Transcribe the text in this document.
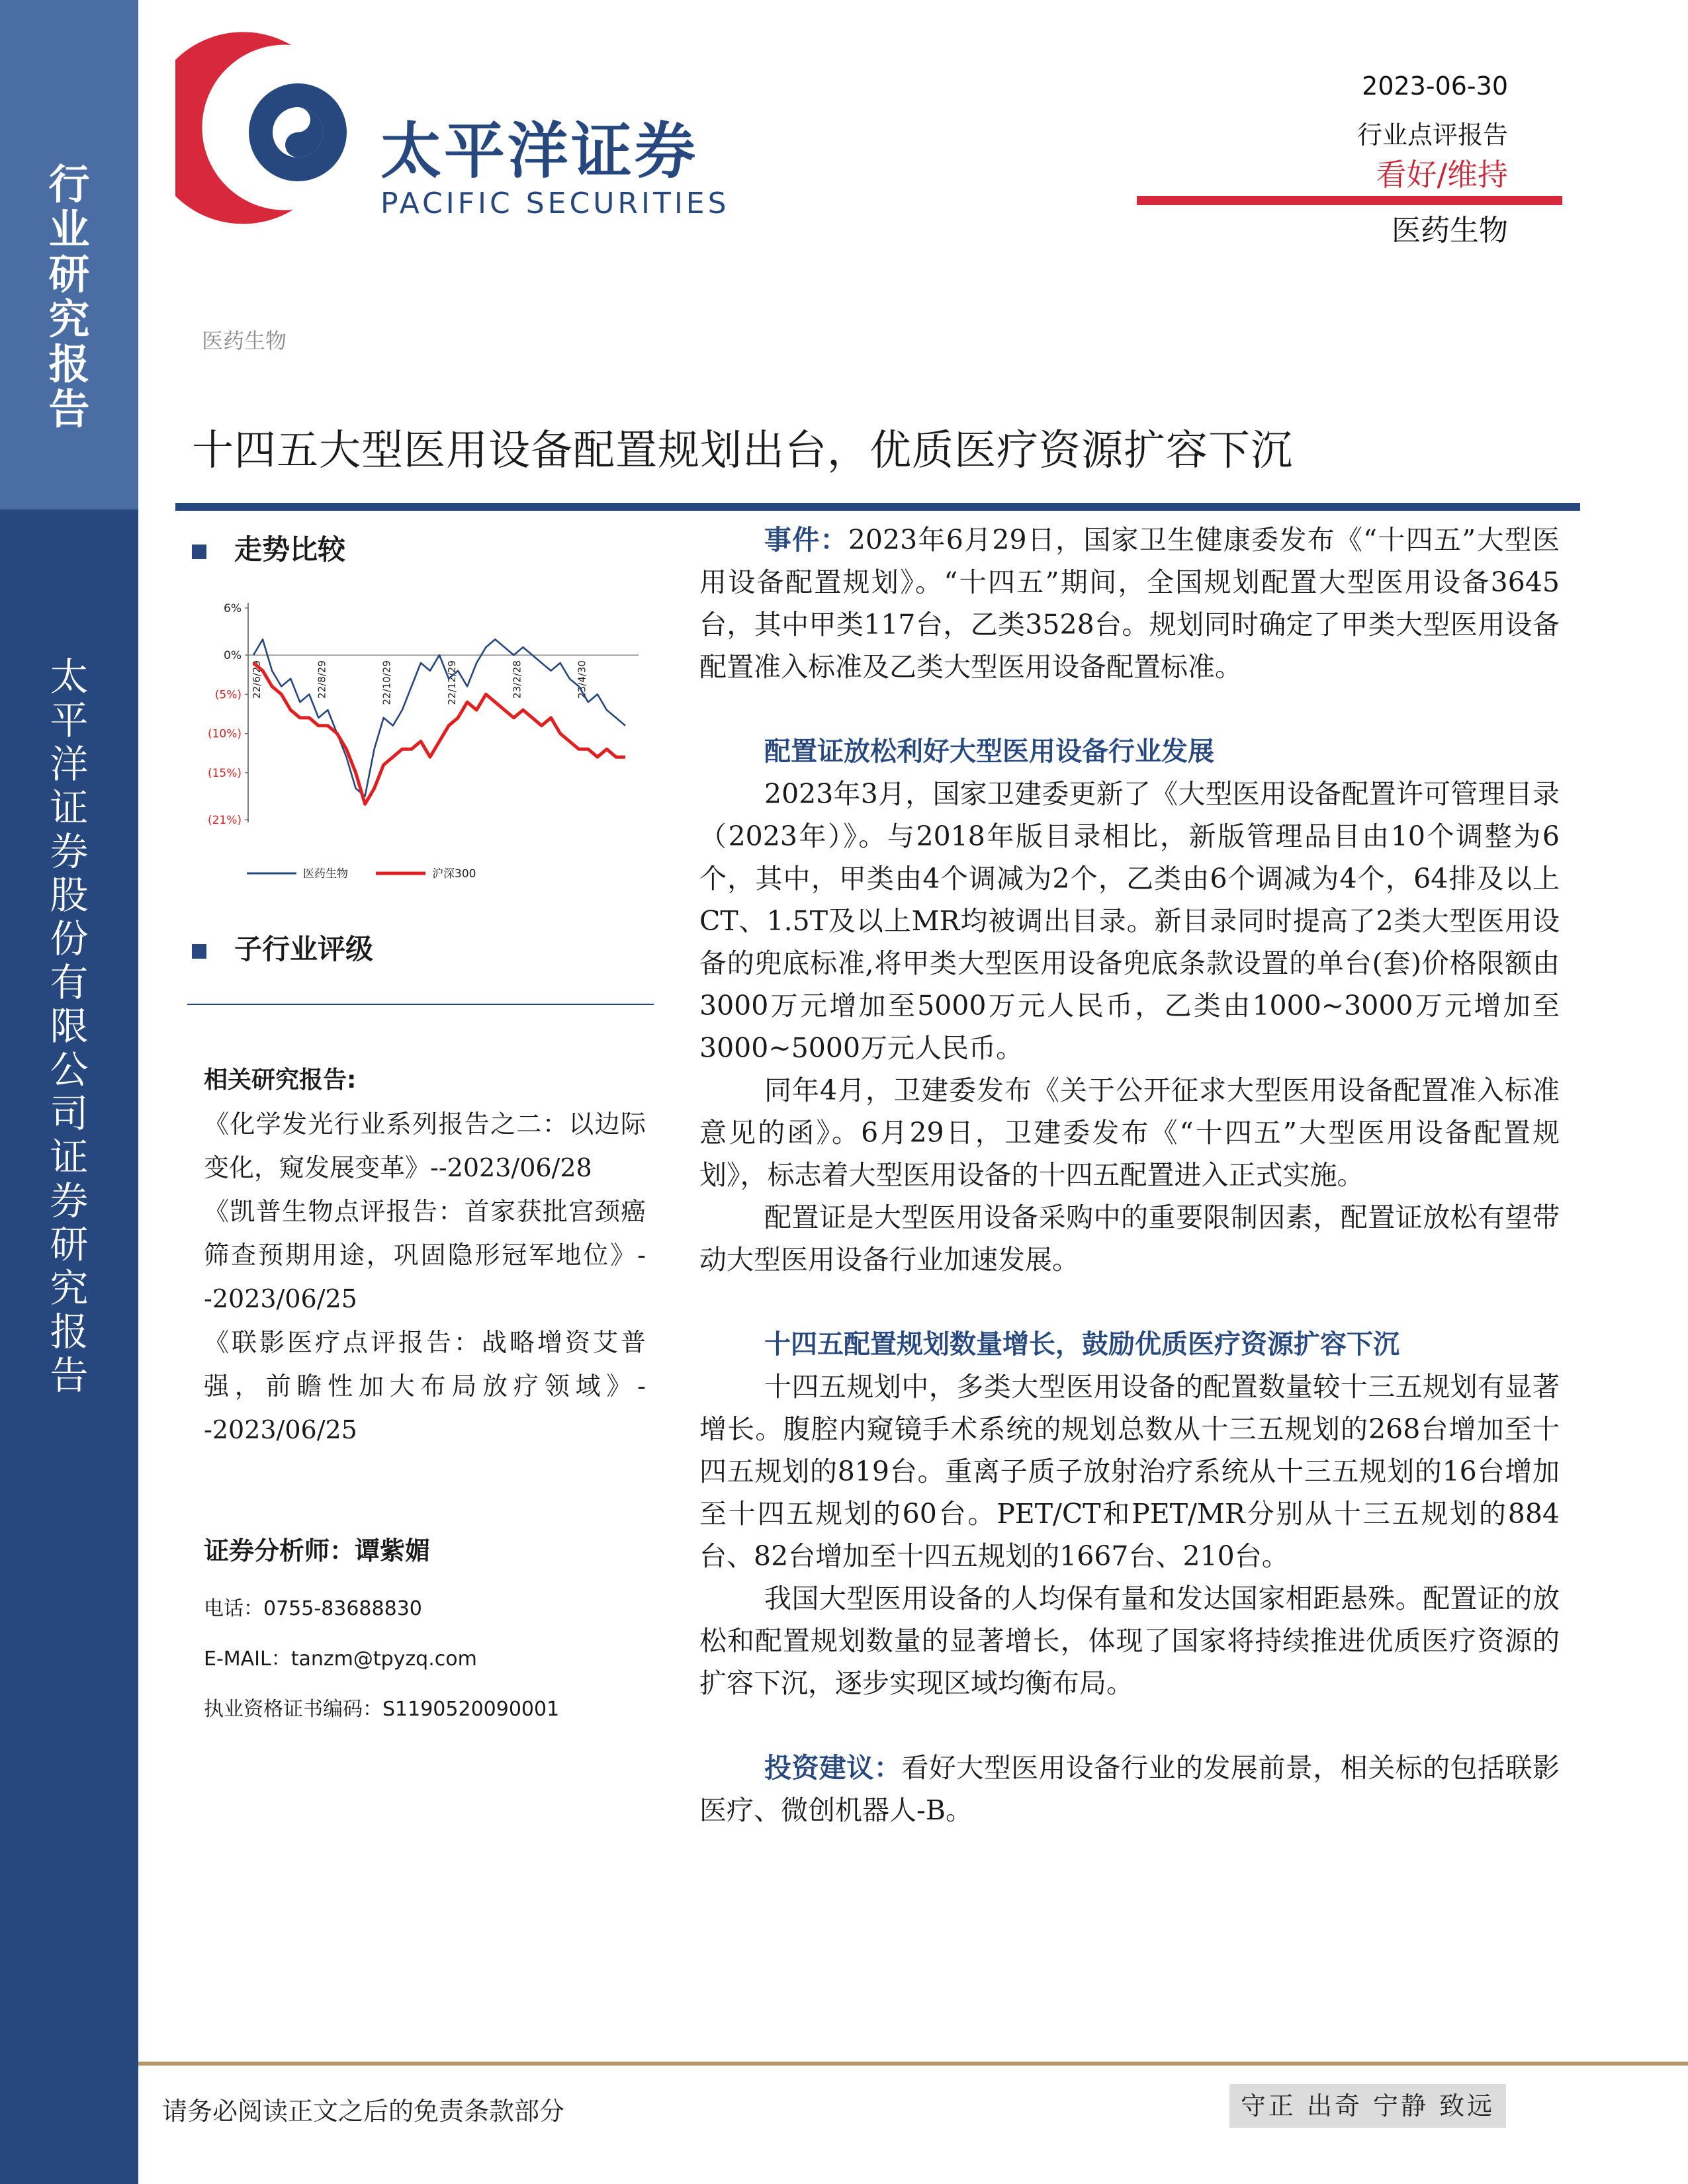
行
业
研
究
报
告
太
平
洋
证
券
股
份
有
限
公
司
证
券
研
究
报
告
太平洋证券
PACIFIC SECURITIES
2023-06-30
行业点评报告
看好/维持
医药生物
医药生物
十四五大型医用设备配置规划出台，优质医疗资源扩容下沉
走势比较
6%
0%
(5%)
(10%)
(15%)
(21%)
22/6/29	22/8/29	22/10/29	22/12/29	23/2/28	23/4/30
医药生物	沪深300
子行业评级
相关研究报告:
《化学发光行业系列报告之二：以边际变化，窥发展变革》--2023/06/28
《凯普生物点评报告：首家获批宫颈癌筛查预期用途，巩固隐形冠军地位》--2023/06/25
《联影医疗点评报告：战略增资艾普强，前瞻性加大布局放疗领域》--2023/06/25
证券分析师：谭紫媚
电话：0755-83688830
E-MAIL：tanzm@tpyzq.com
执业资格证书编码：S1190520090001

事件：2023年6月29日，国家卫生健康委发布《“十四五”大型医用设备配置规划》。“十四五”期间，全国规划配置大型医用设备3645台，其中甲类117台，乙类3528台。规划同时确定了甲类大型医用设备配置准入标准及乙类大型医用设备配置标准。

配置证放松利好大型医用设备行业发展

2023年3月，国家卫建委更新了《大型医用设备配置许可管理目录（2023年）》。与2018年版目录相比，新版管理品目由10个调整为6个，其中，甲类由4个调减为2个，乙类由6个调减为4个，64排及以上CT、1.5T及以上MR均被调出目录。新目录同时提高了2类大型医用设备的兜底标准,将甲类大型医用设备兜底条款设置的单台(套)价格限额由3000万元增加至5000万元人民币，乙类由1000~3000万元增加至3000~5000万元人民币。

同年4月，卫建委发布《关于公开征求大型医用设备配置准入标准意见的函》。6月29日，卫建委发布《“十四五”大型医用设备配置规划》，标志着大型医用设备的十四五配置进入正式实施。

配置证是大型医用设备采购中的重要限制因素，配置证放松有望带动大型医用设备行业加速发展。

十四五配置规划数量增长，鼓励优质医疗资源扩容下沉

十四五规划中，多类大型医用设备的配置数量较十三五规划有显著增长。腹腔内窥镜手术系统的规划总数从十三五规划的268台增加至十四五规划的819台。重离子质子放射治疗系统从十三五规划的16台增加至十四五规划的60台。PET/CT和PET/MR分别从十三五规划的884台、82台增加至十四五规划的1667台、210台。

我国大型医用设备的人均保有量和发达国家相距悬殊。配置证的放松和配置规划数量的显著增长，体现了国家将持续推进优质医疗资源的扩容下沉，逐步实现区域均衡布局。

投资建议：看好大型医用设备行业的发展前景，相关标的包括联影医疗、微创机器人-B。

请务必阅读正文之后的免责条款部分	守正 出奇 宁静 致远
